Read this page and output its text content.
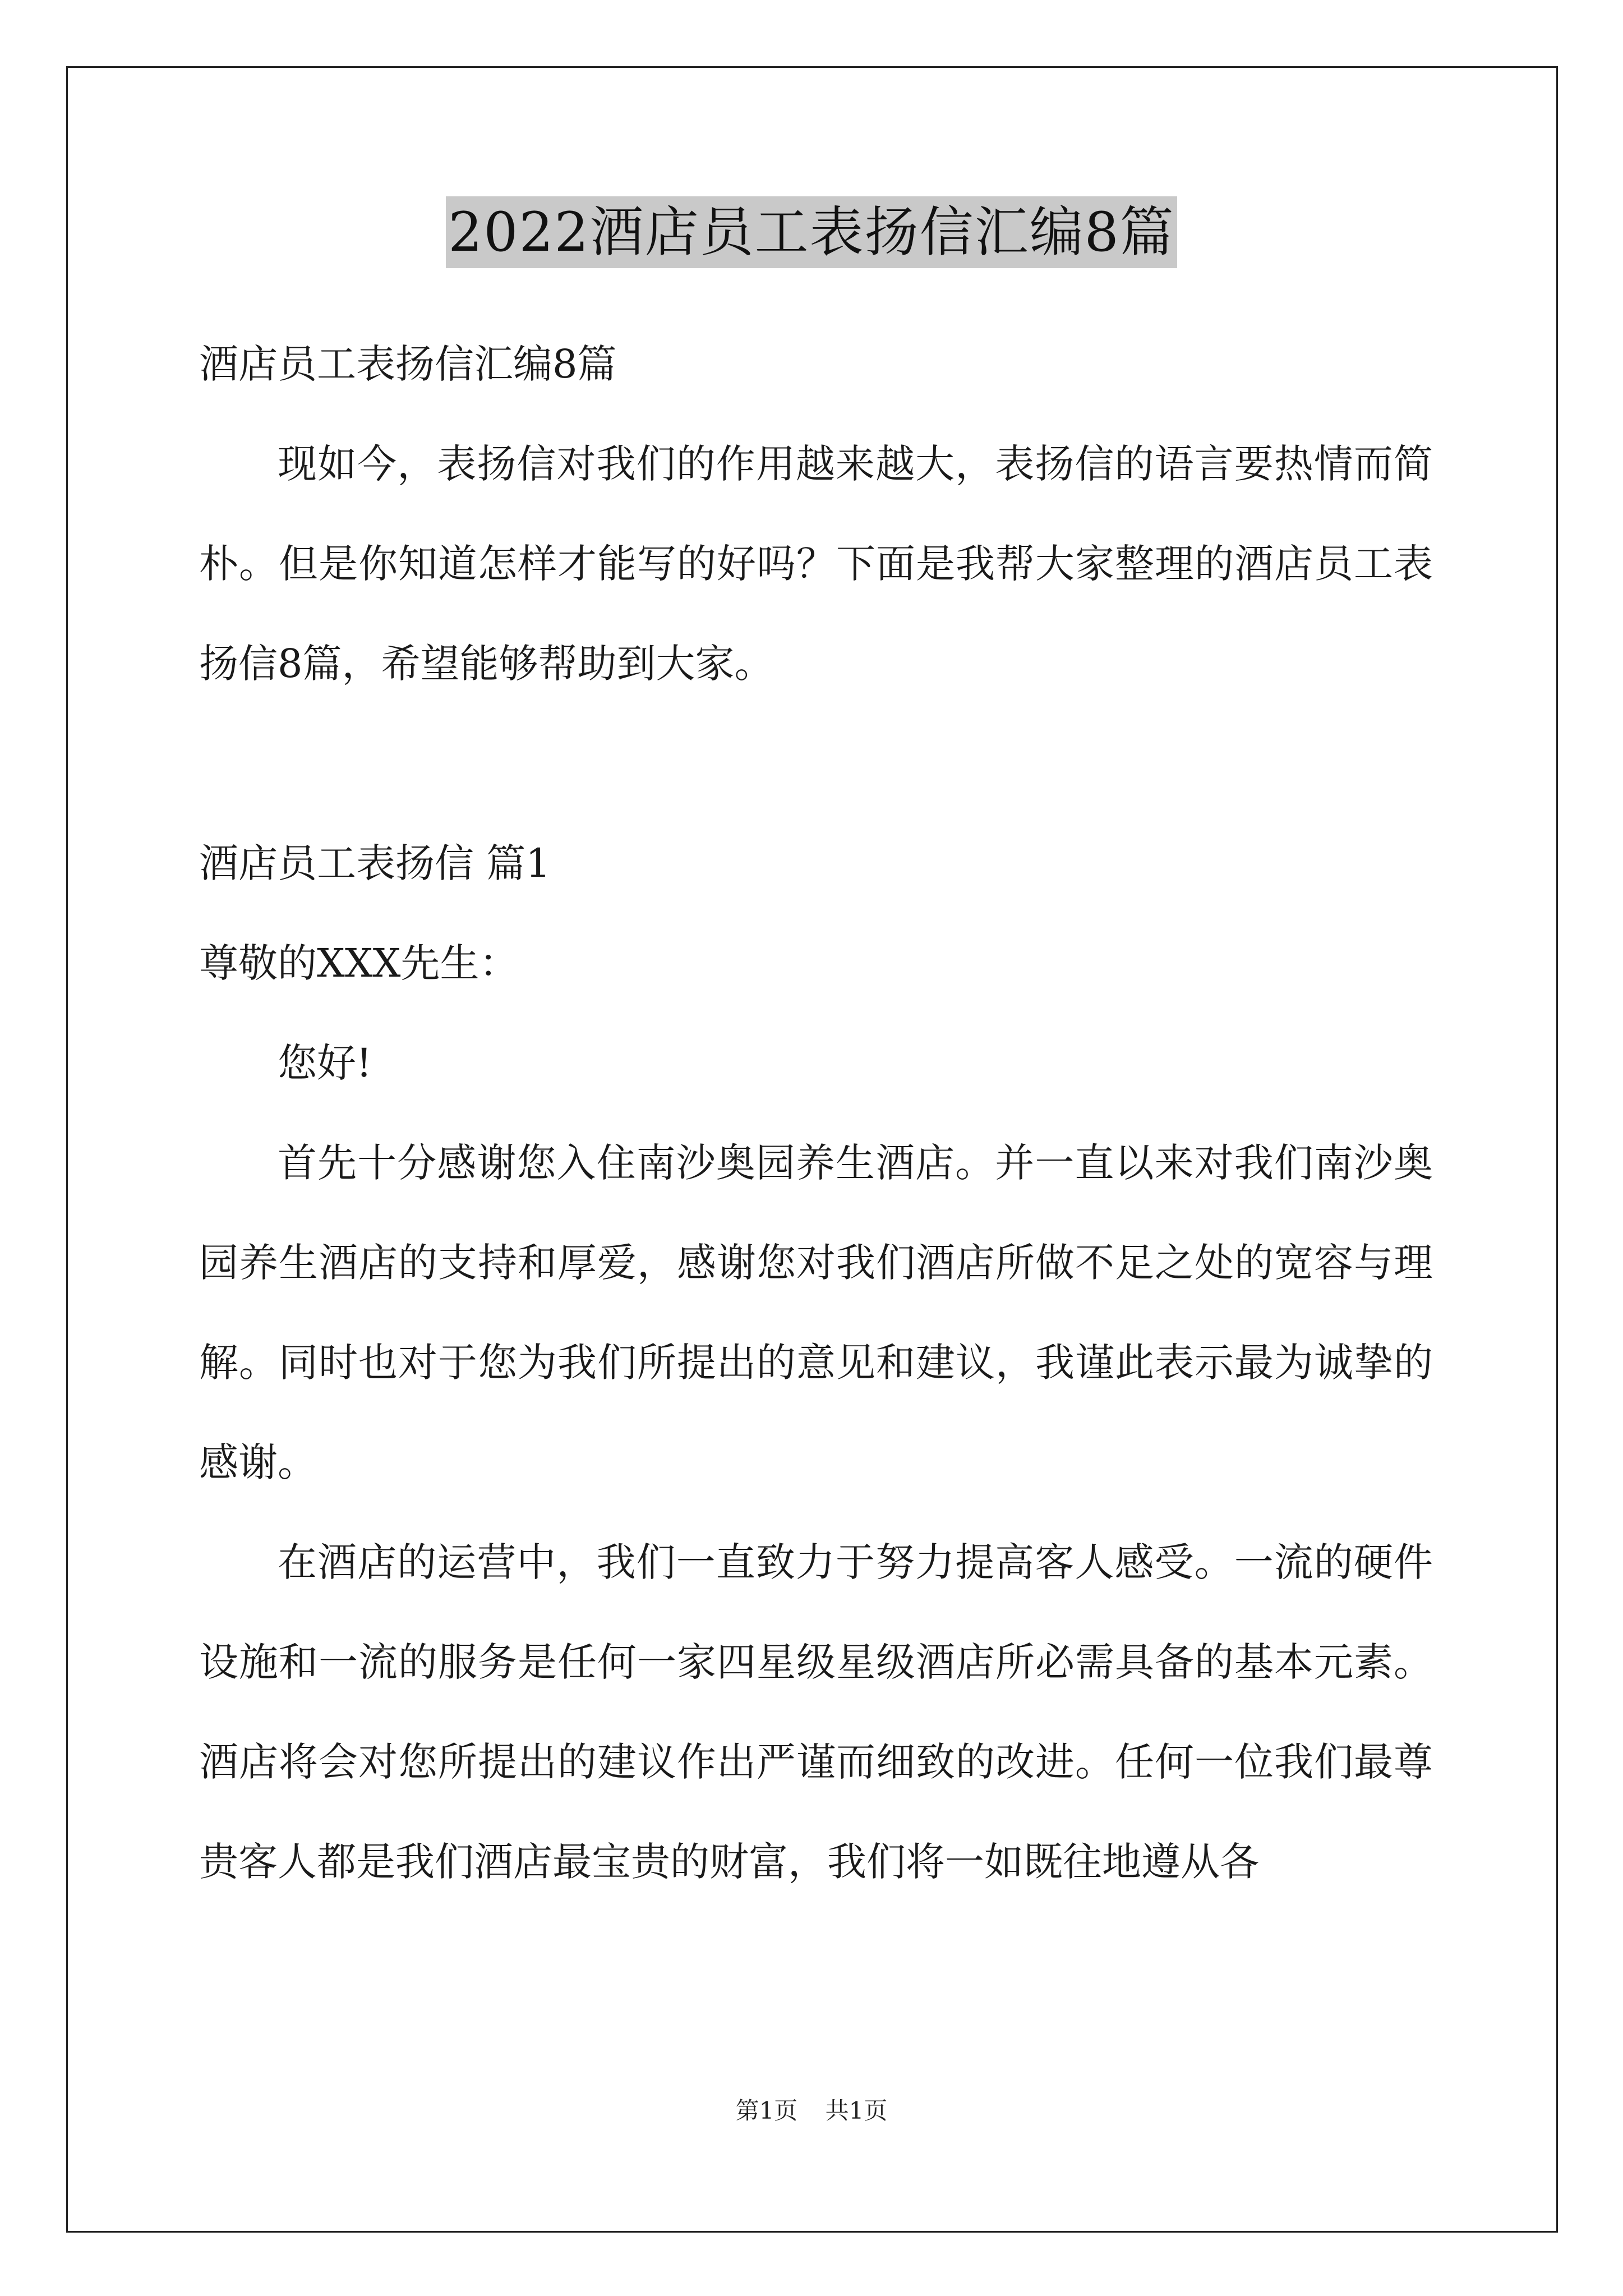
2022酒店员工表扬信汇编8篇

酒店员工表扬信汇编8篇

现如今，表扬信对我们的作用越来越大，表扬信的语言要热情而简朴。但是你知道怎样才能写的好吗？下面是我帮大家整理的酒店员工表扬信8篇，希望能够帮助到大家。

酒店员工表扬信 篇1

尊敬的XXX先生：

您好!

首先十分感谢您入住南沙奥园养生酒店。并一直以来对我们南沙奥园养生酒店的支持和厚爱，感谢您对我们酒店所做不足之处的宽容与理解。同时也对于您为我们所提出的意见和建议，我谨此表示最为诚挚的感谢。

在酒店的运营中，我们一直致力于努力提高客人感受。一流的硬件设施和一流的服务是任何一家四星级星级酒店所必需具备的基本元素。酒店将会对您所提出的建议作出严谨而细致的改进。任何一位我们最尊贵客人都是我们酒店最宝贵的财富，我们将一如既往地遵从各

第1页 共1页
